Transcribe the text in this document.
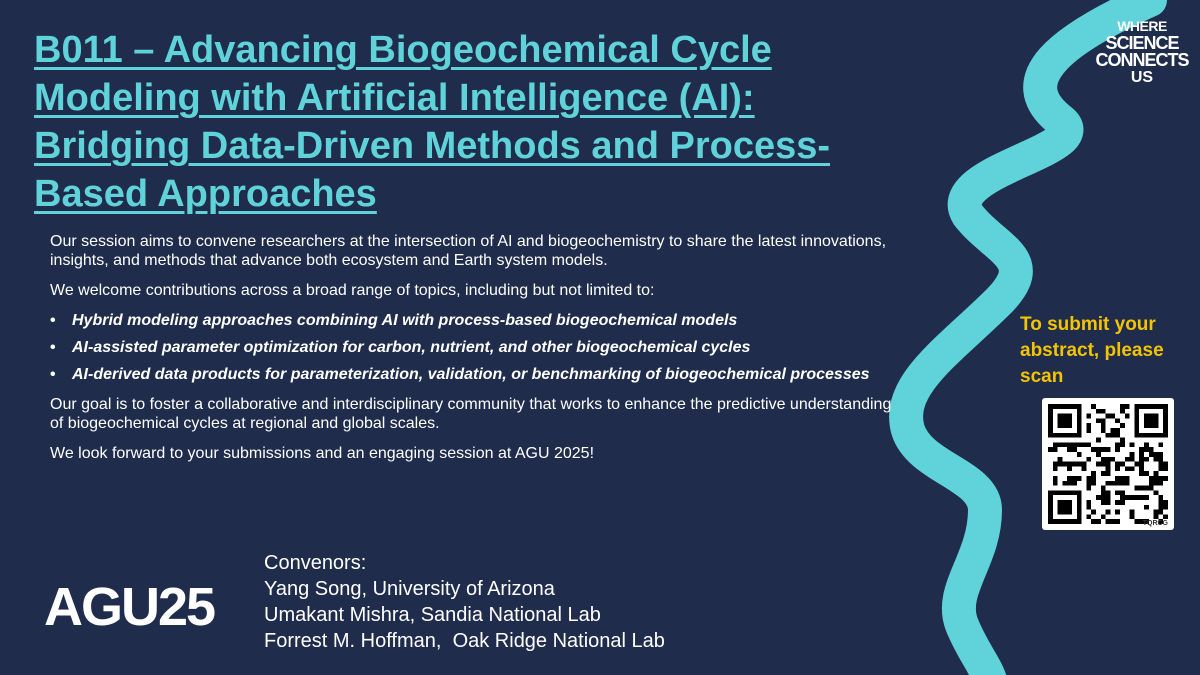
B011 – Advancing Biogeochemical Cycle Modeling with Artificial Intelligence (AI): Bridging Data-Driven Methods and Process-Based Approaches

Our session aims to convene researchers at the intersection of AI and biogeochemistry to share the latest innovations, insights, and methods that advance both ecosystem and Earth system models.

We welcome contributions across a broad range of topics, including but not limited to:

• Hybrid modeling approaches combining AI with process-based biogeochemical models
• AI-assisted parameter optimization for carbon, nutrient, and other biogeochemical cycles
• AI-derived data products for parameterization, validation, or benchmarking of biogeochemical processes

Our goal is to foster a collaborative and interdisciplinary community that works to enhance the predictive understanding of biogeochemical cycles at regional and global scales.

We look forward to your submissions and an engaging session at AGU 2025!

AGU25
Convenors:
Yang Song, University of Arizona
Umakant Mishra, Sandia National Lab
Forrest M. Hoffman,  Oak Ridge National Lab
WHERE
SCIENCE
CONNECTS
US
To submit your abstract, please scan
TQRCG
